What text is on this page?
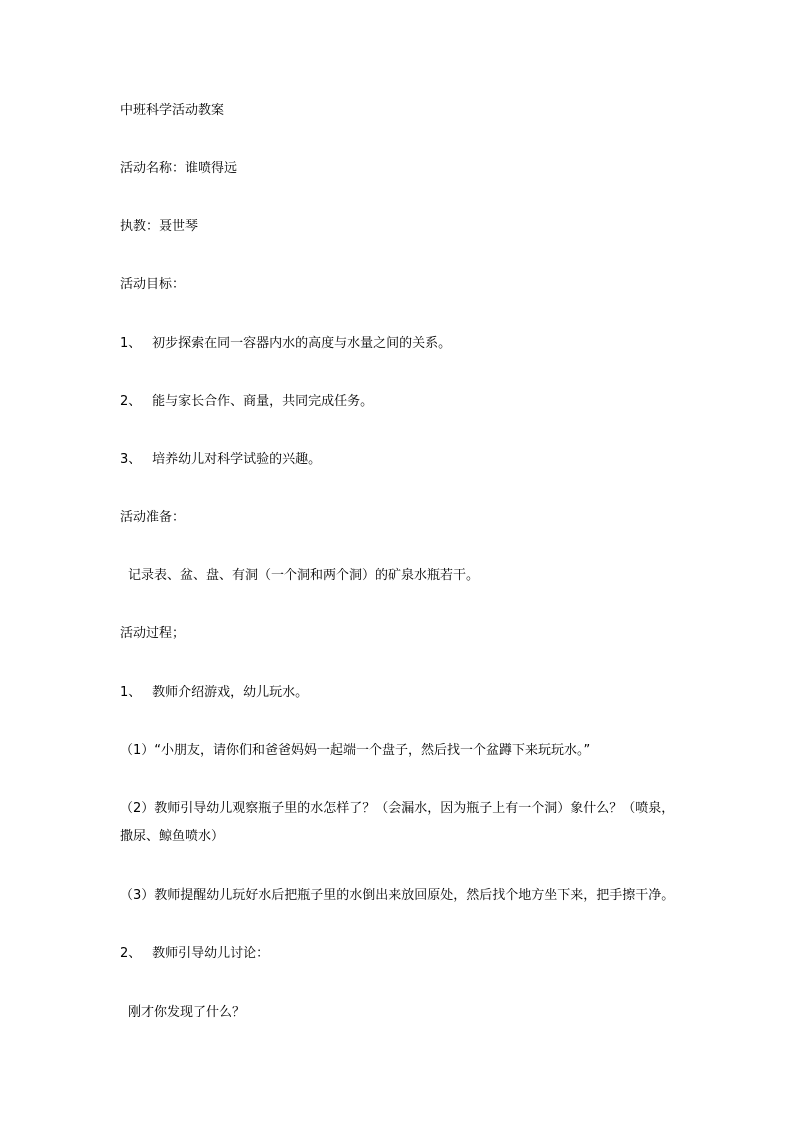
中班科学活动教案
活动名称：谁喷得远
执教：聂世琴
活动目标：
1、 初步探索在同一容器内水的高度与水量之间的关系。
2、 能与家长合作、商量，共同完成任务。
3、 培养幼儿对科学试验的兴趣。
活动准备：
记录表、盆、盘、有洞（一个洞和两个洞）的矿泉水瓶若干。
活动过程；
1、 教师介绍游戏，幼儿玩水。
（1）“小朋友，请你们和爸爸妈妈一起端一个盘子，然后找一个盆蹲下来玩玩水。”
（2）教师引导幼儿观察瓶子里的水怎样了？（会漏水，因为瓶子上有一个洞）象什么？（喷泉，撒尿、鲸鱼喷水）
（3）教师提醒幼儿玩好水后把瓶子里的水倒出来放回原处，然后找个地方坐下来，把手擦干净。
2、 教师引导幼儿讨论：
刚才你发现了什么？
